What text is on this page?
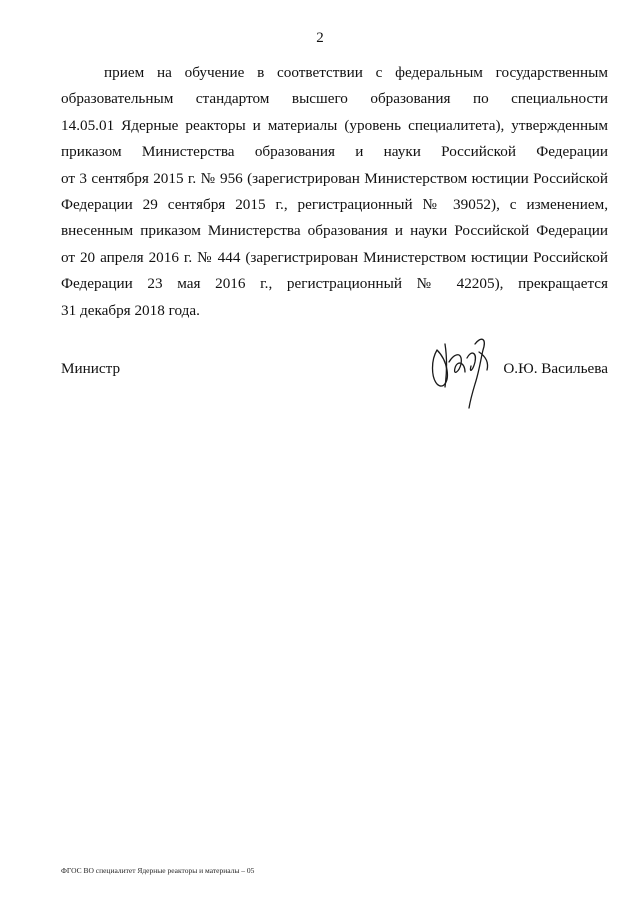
2
прием на обучение в соответствии с федеральным государственным
образовательным стандартом высшего образования по специальности
14.05.01 Ядерные реакторы и материалы (уровень специалитета), утвержденным
приказом Министерства образования и науки Российской Федерации
от 3 сентября 2015 г. № 956 (зарегистрирован Министерством юстиции Российской
Федерации 29 сентября 2015 г., регистрационный № 39052), с изменением,
внесенным приказом Министерства образования и науки Российской Федерации
от 20 апреля 2016 г. № 444 (зарегистрирован Министерством юстиции Российской
Федерации 23 мая 2016 г., регистрационный № 42205), прекращается
31 декабря 2018 года.
Министр	О.Ю. Васильева
ФГОС ВО специалитет Ядерные реакторы и материалы – 05
